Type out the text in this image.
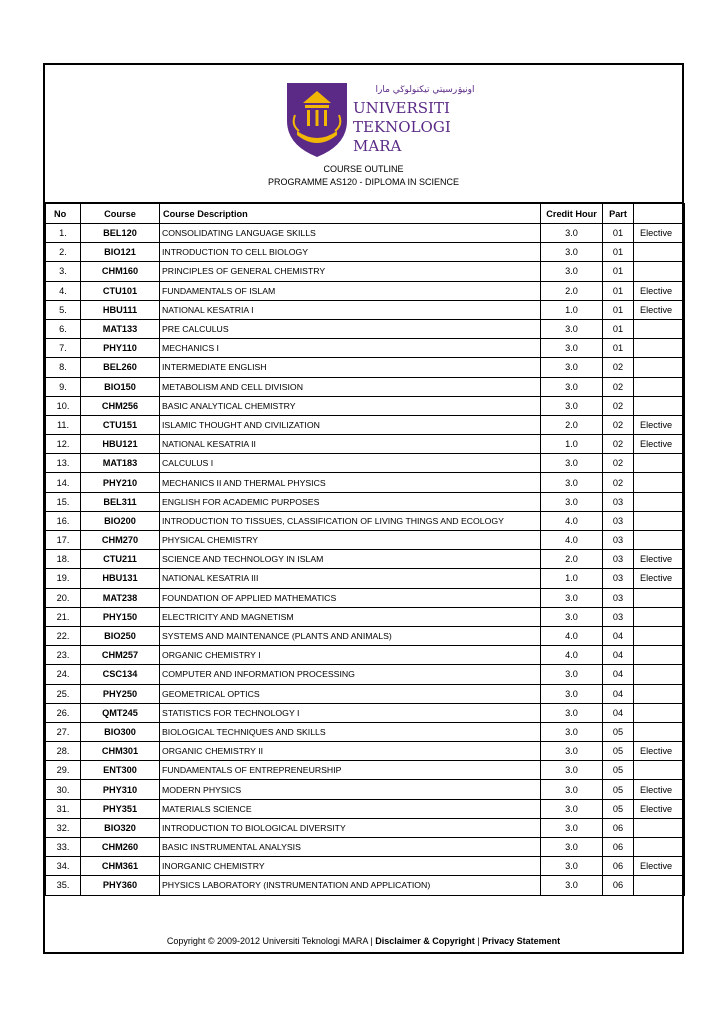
اونيۏرسيتي تيكنولوڬي مارا
UNIVERSITI
TEKNOLOGI
MARA
COURSE OUTLINE
PROGRAMME AS120 - DIPLOMA IN SCIENCE
No	Course	Course Description	Credit Hour	Part	
1.	BEL120	CONSOLIDATING LANGUAGE SKILLS	3.0	01	Elective
2.	BIO121	INTRODUCTION TO CELL BIOLOGY	3.0	01	
3.	CHM160	PRINCIPLES OF GENERAL CHEMISTRY	3.0	01	
4.	CTU101	FUNDAMENTALS OF ISLAM	2.0	01	Elective
5.	HBU111	NATIONAL KESATRIA I	1.0	01	Elective
6.	MAT133	PRE CALCULUS	3.0	01	
7.	PHY110	MECHANICS I	3.0	01	
8.	BEL260	INTERMEDIATE ENGLISH	3.0	02	
9.	BIO150	METABOLISM AND CELL DIVISION	3.0	02	
10.	CHM256	BASIC ANALYTICAL CHEMISTRY	3.0	02	
11.	CTU151	ISLAMIC THOUGHT AND CIVILIZATION	2.0	02	Elective
12.	HBU121	NATIONAL KESATRIA II	1.0	02	Elective
13.	MAT183	CALCULUS I	3.0	02	
14.	PHY210	MECHANICS II AND THERMAL PHYSICS	3.0	02	
15.	BEL311	ENGLISH FOR ACADEMIC PURPOSES	3.0	03	
16.	BIO200	INTRODUCTION TO TISSUES, CLASSIFICATION OF LIVING THINGS AND ECOLOGY	4.0	03	
17.	CHM270	PHYSICAL CHEMISTRY	4.0	03	
18.	CTU211	SCIENCE AND TECHNOLOGY IN ISLAM	2.0	03	Elective
19.	HBU131	NATIONAL KESATRIA III	1.0	03	Elective
20.	MAT238	FOUNDATION OF APPLIED MATHEMATICS	3.0	03	
21.	PHY150	ELECTRICITY AND MAGNETISM	3.0	03	
22.	BIO250	SYSTEMS AND MAINTENANCE (PLANTS AND ANIMALS)	4.0	04	
23.	CHM257	ORGANIC CHEMISTRY I	4.0	04	
24.	CSC134	COMPUTER AND INFORMATION PROCESSING	3.0	04	
25.	PHY250	GEOMETRICAL OPTICS	3.0	04	
26.	QMT245	STATISTICS FOR TECHNOLOGY I	3.0	04	
27.	BIO300	BIOLOGICAL TECHNIQUES AND SKILLS	3.0	05	
28.	CHM301	ORGANIC CHEMISTRY II	3.0	05	Elective
29.	ENT300	FUNDAMENTALS OF ENTREPRENEURSHIP	3.0	05	
30.	PHY310	MODERN PHYSICS	3.0	05	Elective
31.	PHY351	MATERIALS SCIENCE	3.0	05	Elective
32.	BIO320	INTRODUCTION TO BIOLOGICAL DIVERSITY	3.0	06	
33.	CHM260	BASIC INSTRUMENTAL ANALYSIS	3.0	06	
34.	CHM361	INORGANIC CHEMISTRY	3.0	06	Elective
35.	PHY360	PHYSICS LABORATORY (INSTRUMENTATION AND APPLICATION)	3.0	06	
Copyright © 2009-2012 Universiti Teknologi MARA | Disclaimer & Copyright | Privacy Statement
